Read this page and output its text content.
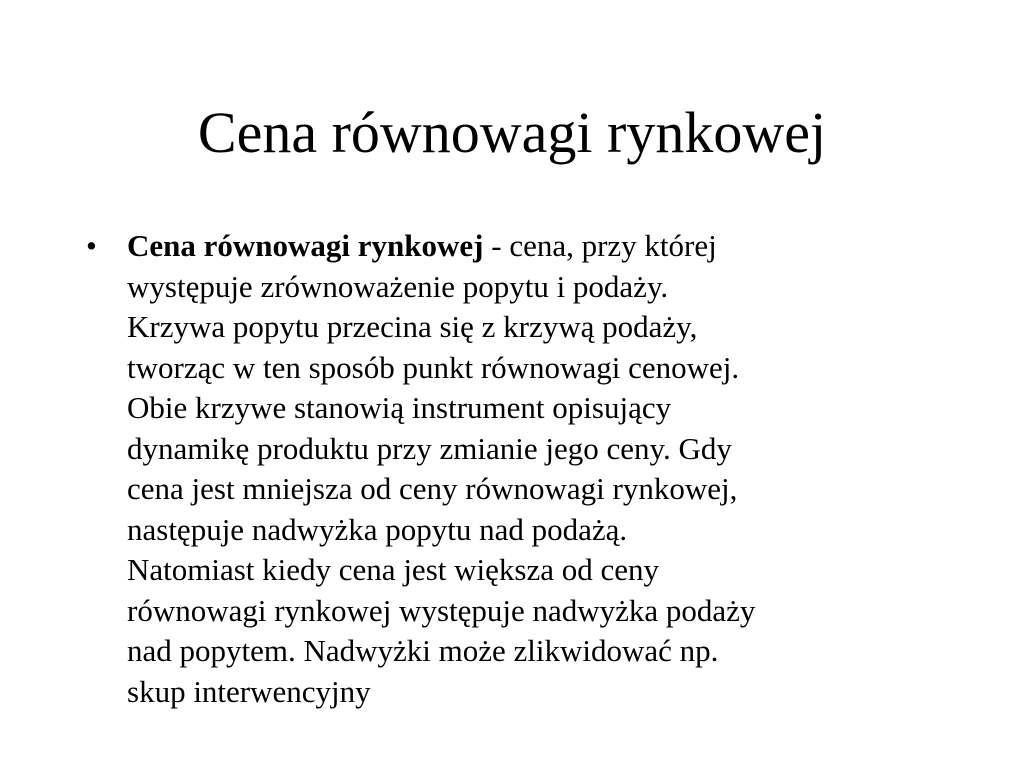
Cena równowagi rynkowej
• Cena równowagi rynkowej - cena, przy której
występuje zrównoważenie popytu i podaży.
Krzywa popytu przecina się z krzywą podaży,
tworząc w ten sposób punkt równowagi cenowej.
Obie krzywe stanowią instrument opisujący
dynamikę produktu przy zmianie jego ceny. Gdy
cena jest mniejsza od ceny równowagi rynkowej,
następuje nadwyżka popytu nad podażą.
Natomiast kiedy cena jest większa od ceny
równowagi rynkowej występuje nadwyżka podaży
nad popytem. Nadwyżki może zlikwidować np.
skup interwencyjny
